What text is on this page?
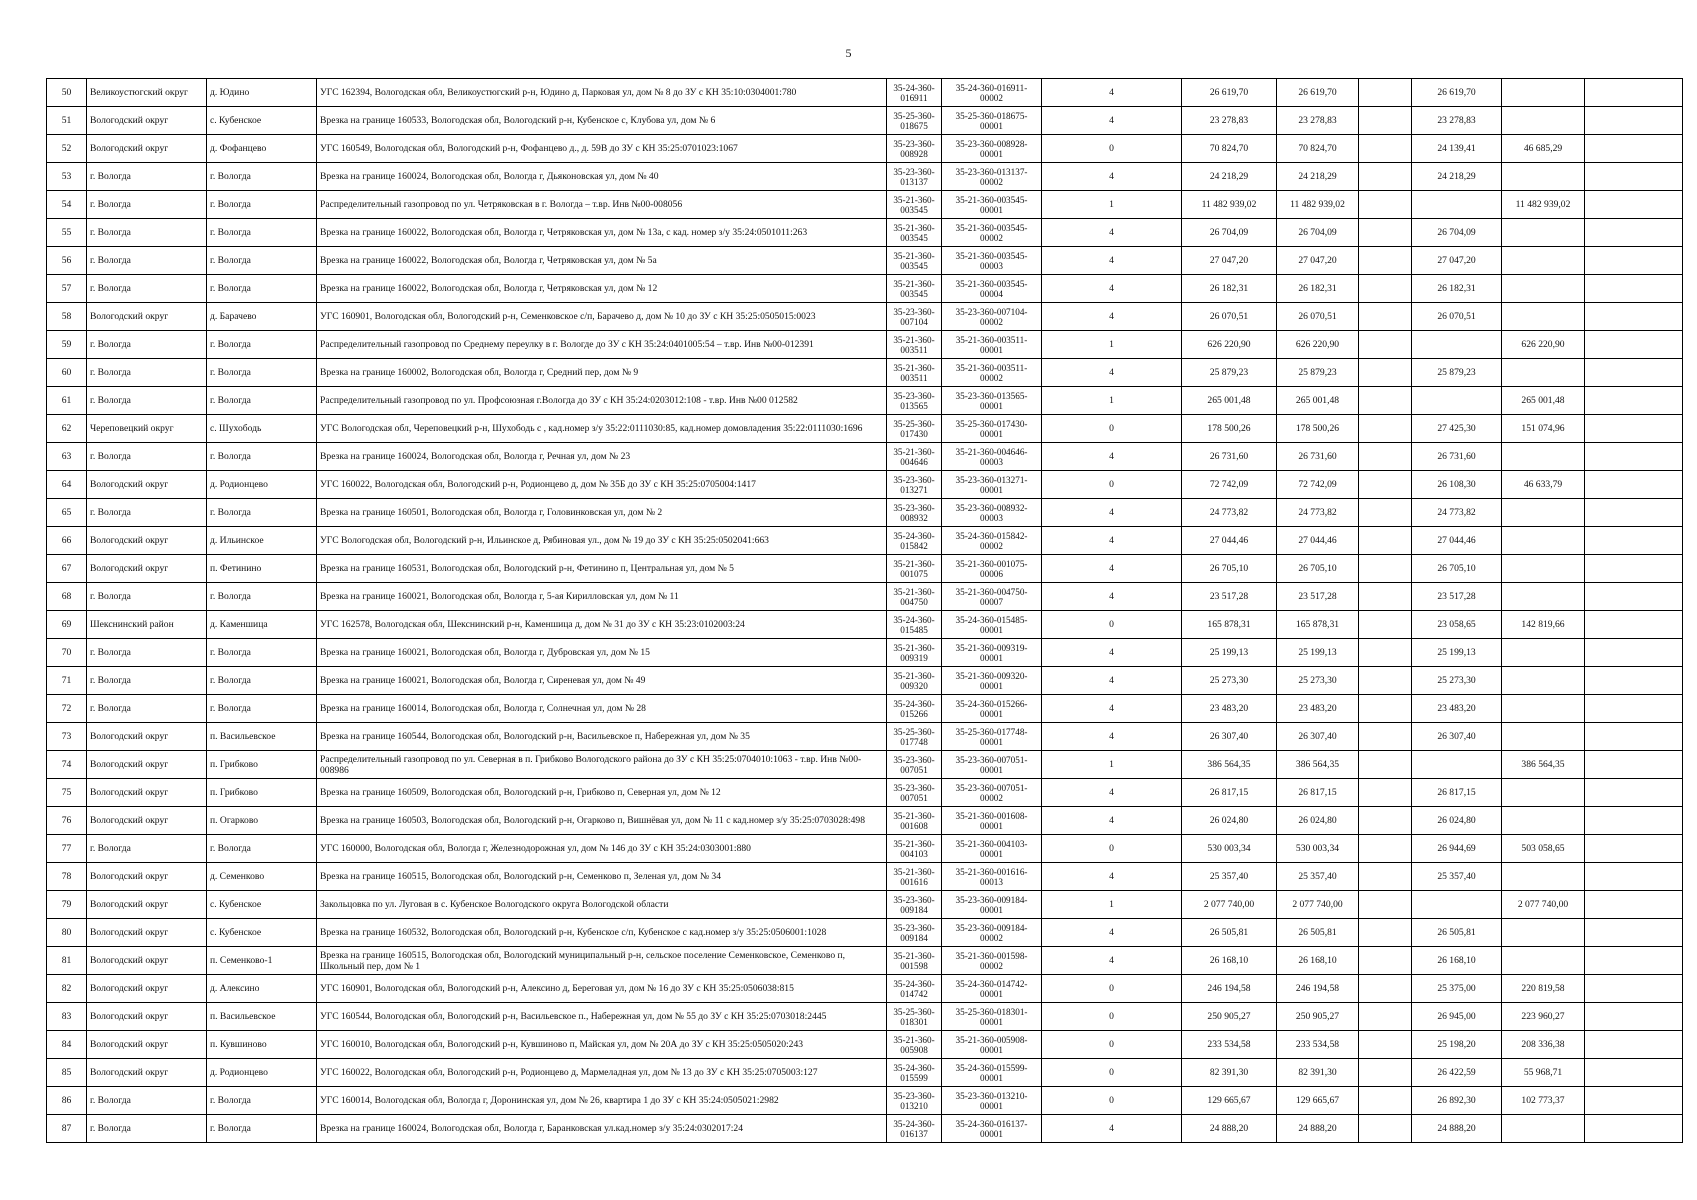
5
50	Великоустюгский округ	д. Юдино	УГС 162394, Вологодская обл, Великоустюгский р-н, Юдино д, Парковая ул, дом № 8 до ЗУ с КН 35:10:0304001:780	35-24-360-016911	35-24-360-016911-00002	4	26 619,70	26 619,70		26 619,70		
51	Вологодский округ	с. Кубенское	Врезка на границе 160533, Вологодская обл, Вологодский р-н, Кубенское с, Клубова ул, дом № 6	35-25-360-018675	35-25-360-018675-00001	4	23 278,83	23 278,83		23 278,83		
52	Вологодский округ	д. Фофанцево	УГС 160549, Вологодская обл, Вологодский р-н, Фофанцево д., д. 59В до ЗУ с КН 35:25:0701023:1067	35-23-360-008928	35-23-360-008928-00001	0	70 824,70	70 824,70		24 139,41	46 685,29	
53	г. Вологда	г. Вологда	Врезка на границе 160024, Вологодская обл, Вологда г, Дьяконовская ул, дом № 40	35-23-360-013137	35-23-360-013137-00002	4	24 218,29	24 218,29		24 218,29		
54	г. Вологда	г. Вологда	Распределительный газопровод по ул. Четряковская в г. Вологда – т.вр. Инв №00-008056	35-21-360-003545	35-21-360-003545-00001	1	11 482 939,02	11 482 939,02			11 482 939,02	
55	г. Вологда	г. Вологда	Врезка на границе 160022, Вологодская обл, Вологда г, Четряковская ул, дом № 13а, с кад. номер з/у 35:24:0501011:263	35-21-360-003545	35-21-360-003545-00002	4	26 704,09	26 704,09		26 704,09		
56	г. Вологда	г. Вологда	Врезка на границе 160022, Вологодская обл, Вологда г, Четряковская ул, дом № 5а	35-21-360-003545	35-21-360-003545-00003	4	27 047,20	27 047,20		27 047,20		
57	г. Вологда	г. Вологда	Врезка на границе 160022, Вологодская обл, Вологда г, Четряковская ул, дом № 12	35-21-360-003545	35-21-360-003545-00004	4	26 182,31	26 182,31		26 182,31		
58	Вологодский округ	д. Барачево	УГС 160901, Вологодская обл, Вологодский р-н, Семенковское с/п, Барачево д, дом № 10 до ЗУ с КН 35:25:0505015:0023	35-23-360-007104	35-23-360-007104-00002	4	26 070,51	26 070,51		26 070,51		
59	г. Вологда	г. Вологда	Распределительный газопровод по Среднему переулку в г. Вологде до ЗУ с КН 35:24:0401005:54 – т.вр. Инв №00-012391	35-21-360-003511	35-21-360-003511-00001	1	626 220,90	626 220,90			626 220,90	
60	г. Вологда	г. Вологда	Врезка на границе 160002, Вологодская обл, Вологда г, Средний пер, дом № 9	35-21-360-003511	35-21-360-003511-00002	4	25 879,23	25 879,23		25 879,23		
61	г. Вологда	г. Вологда	Распределительный газопровод по ул. Профсоюзная г.Вологда до ЗУ с КН 35:24:0203012:108 - т.вр. Инв №00 012582	35-23-360-013565	35-23-360-013565-00001	1	265 001,48	265 001,48			265 001,48	
62	Череповецкий округ	с. Шухободь	УГС Вологодская обл, Череповецкий р-н, Шухободь с , кад.номер з/у 35:22:0111030:85, кад.номер домовладения 35:22:0111030:1696	35-25-360-017430	35-25-360-017430-00001	0	178 500,26	178 500,26		27 425,30	151 074,96	
63	г. Вологда	г. Вологда	Врезка на границе 160024, Вологодская обл, Вологда г, Речная ул, дом № 23	35-21-360-004646	35-21-360-004646-00003	4	26 731,60	26 731,60		26 731,60		
64	Вологодский округ	д. Родионцево	УГС 160022, Вологодская обл, Вологодский р-н, Родионцево д, дом № 35Б до ЗУ с КН 35:25:0705004:1417	35-23-360-013271	35-23-360-013271-00001	0	72 742,09	72 742,09		26 108,30	46 633,79	
65	г. Вологда	г. Вологда	Врезка на границе 160501, Вологодская обл, Вологда г, Головинковская ул, дом № 2	35-23-360-008932	35-23-360-008932-00003	4	24 773,82	24 773,82		24 773,82		
66	Вологодский округ	д. Ильинское	УГС Вологодская обл, Вологодский р-н, Ильинское д, Рябиновая ул., дом № 19 до ЗУ с КН 35:25:0502041:663	35-24-360-015842	35-24-360-015842-00002	4	27 044,46	27 044,46		27 044,46		
67	Вологодский округ	п. Фетинино	Врезка на границе 160531, Вологодская обл, Вологодский р-н, Фетинино п, Центральная ул, дом № 5	35-21-360-001075	35-21-360-001075-00006	4	26 705,10	26 705,10		26 705,10		
68	г. Вологда	г. Вологда	Врезка на границе 160021, Вологодская обл, Вологда г, 5-ая Кирилловская ул, дом № 11	35-21-360-004750	35-21-360-004750-00007	4	23 517,28	23 517,28		23 517,28		
69	Шекснинский район	д. Каменшица	УГС 162578, Вологодская обл, Шекснинский р-н, Каменшица д, дом № 31 до ЗУ с КН 35:23:0102003:24	35-24-360-015485	35-24-360-015485-00001	0	165 878,31	165 878,31		23 058,65	142 819,66	
70	г. Вологда	г. Вологда	Врезка на границе 160021, Вологодская обл, Вологда г, Дубровская ул, дом № 15	35-21-360-009319	35-21-360-009319-00001	4	25 199,13	25 199,13		25 199,13		
71	г. Вологда	г. Вологда	Врезка на границе 160021, Вологодская обл, Вологда г, Сиреневая ул, дом № 49	35-21-360-009320	35-21-360-009320-00001	4	25 273,30	25 273,30		25 273,30		
72	г. Вологда	г. Вологда	Врезка на границе 160014, Вологодская обл, Вологда г, Солнечная ул, дом № 28	35-24-360-015266	35-24-360-015266-00001	4	23 483,20	23 483,20		23 483,20		
73	Вологодский округ	п. Васильевское	Врезка на границе 160544, Вологодская обл, Вологодский р-н, Васильевское п, Набережная ул, дом № 35	35-25-360-017748	35-25-360-017748-00001	4	26 307,40	26 307,40		26 307,40		
74	Вологодский округ	п. Грибково	Распределительный газопровод по ул. Северная в п. Грибково Вологодского района до ЗУ с КН 35:25:0704010:1063 - т.вр. Инв №00-008986	35-23-360-007051	35-23-360-007051-00001	1	386 564,35	386 564,35			386 564,35	
75	Вологодский округ	п. Грибково	Врезка на границе 160509, Вологодская обл, Вологодский р-н, Грибково п, Северная ул, дом № 12	35-23-360-007051	35-23-360-007051-00002	4	26 817,15	26 817,15		26 817,15		
76	Вологодский округ	п. Огарково	Врезка на границе 160503, Вологодская обл, Вологодский р-н, Огарково п, Вишнёвая ул, дом № 11 с кад.номер з/у 35:25:0703028:498	35-21-360-001608	35-21-360-001608-00001	4	26 024,80	26 024,80		26 024,80		
77	г. Вологда	г. Вологда	УГС 160000, Вологодская обл, Вологда г, Железнодорожная ул, дом № 146 до ЗУ с КН 35:24:0303001:880	35-21-360-004103	35-21-360-004103-00001	0	530 003,34	530 003,34		26 944,69	503 058,65	
78	Вологодский округ	д. Семенково	Врезка на границе 160515, Вологодская обл, Вологодский р-н, Семенково п, Зеленая ул, дом № 34	35-21-360-001616	35-21-360-001616-00013	4	25 357,40	25 357,40		25 357,40		
79	Вологодский округ	с. Кубенское	Закольцовка по ул. Луговая в с. Кубенское Вологодского округа Вологодской области	35-23-360-009184	35-23-360-009184-00001	1	2 077 740,00	2 077 740,00			2 077 740,00	
80	Вологодский округ	с. Кубенское	Врезка на границе 160532, Вологодская обл, Вологодский р-н, Кубенское с/п, Кубенское с кад.номер з/у 35:25:0506001:1028	35-23-360-009184	35-23-360-009184-00002	4	26 505,81	26 505,81		26 505,81		
81	Вологодский округ	п. Семенково-1	Врезка на границе 160515, Вологодская обл, Вологодский муниципальный р-н, сельское поселение Семенковское, Семенково п, Школьный пер, дом № 1	35-21-360-001598	35-21-360-001598-00002	4	26 168,10	26 168,10		26 168,10		
82	Вологодский округ	д. Алексино	УГС 160901, Вологодская обл, Вологодский р-н, Алексино д, Береговая ул, дом № 16 до ЗУ с КН 35:25:0506038:815	35-24-360-014742	35-24-360-014742-00001	0	246 194,58	246 194,58		25 375,00	220 819,58	
83	Вологодский округ	п. Васильевское	УГС 160544, Вологодская обл, Вологодский р-н, Васильевское п., Набережная ул, дом № 55 до ЗУ с КН 35:25:0703018:2445	35-25-360-018301	35-25-360-018301-00001	0	250 905,27	250 905,27		26 945,00	223 960,27	
84	Вологодский округ	п. Кувшиново	УГС 160010, Вологодская обл, Вологодский р-н, Кувшиново п, Майская ул, дом № 20А до ЗУ с КН 35:25:0505020:243	35-21-360-005908	35-21-360-005908-00001	0	233 534,58	233 534,58		25 198,20	208 336,38	
85	Вологодский округ	д. Родионцево	УГС 160022, Вологодская обл, Вологодский р-н, Родионцево д, Мармеладная ул, дом № 13 до ЗУ с КН 35:25:0705003:127	35-24-360-015599	35-24-360-015599-00001	0	82 391,30	82 391,30		26 422,59	55 968,71	
86	г. Вологда	г. Вологда	УГС 160014, Вологодская обл, Вологда г, Доронинская ул, дом № 26, квартира 1 до ЗУ с КН 35:24:0505021:2982	35-23-360-013210	35-23-360-013210-00001	0	129 665,67	129 665,67		26 892,30	102 773,37	
87	г. Вологда	г. Вологда	Врезка на границе 160024, Вологодская обл, Вологда г, Баранковская ул.кад.номер з/у 35:24:0302017:24	35-24-360-016137	35-24-360-016137-00001	4	24 888,20	24 888,20		24 888,20		
